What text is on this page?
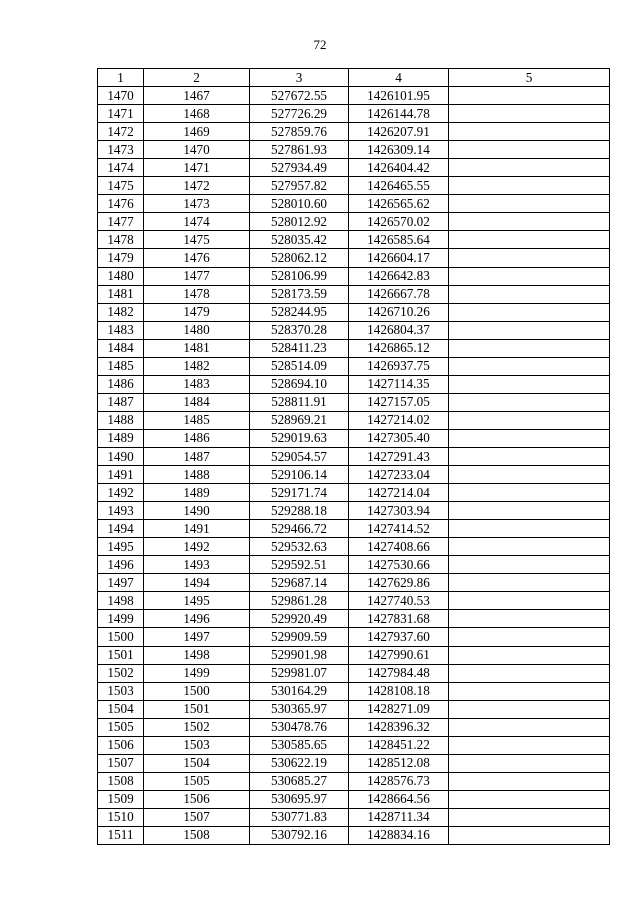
72
1	2	3	4	5
1470	1467	527672.55	1426101.95	
1471	1468	527726.29	1426144.78	
1472	1469	527859.76	1426207.91	
1473	1470	527861.93	1426309.14	
1474	1471	527934.49	1426404.42	
1475	1472	527957.82	1426465.55	
1476	1473	528010.60	1426565.62	
1477	1474	528012.92	1426570.02	
1478	1475	528035.42	1426585.64	
1479	1476	528062.12	1426604.17	
1480	1477	528106.99	1426642.83	
1481	1478	528173.59	1426667.78	
1482	1479	528244.95	1426710.26	
1483	1480	528370.28	1426804.37	
1484	1481	528411.23	1426865.12	
1485	1482	528514.09	1426937.75	
1486	1483	528694.10	1427114.35	
1487	1484	528811.91	1427157.05	
1488	1485	528969.21	1427214.02	
1489	1486	529019.63	1427305.40	
1490	1487	529054.57	1427291.43	
1491	1488	529106.14	1427233.04	
1492	1489	529171.74	1427214.04	
1493	1490	529288.18	1427303.94	
1494	1491	529466.72	1427414.52	
1495	1492	529532.63	1427408.66	
1496	1493	529592.51	1427530.66	
1497	1494	529687.14	1427629.86	
1498	1495	529861.28	1427740.53	
1499	1496	529920.49	1427831.68	
1500	1497	529909.59	1427937.60	
1501	1498	529901.98	1427990.61	
1502	1499	529981.07	1427984.48	
1503	1500	530164.29	1428108.18	
1504	1501	530365.97	1428271.09	
1505	1502	530478.76	1428396.32	
1506	1503	530585.65	1428451.22	
1507	1504	530622.19	1428512.08	
1508	1505	530685.27	1428576.73	
1509	1506	530695.97	1428664.56	
1510	1507	530771.83	1428711.34	
1511	1508	530792.16	1428834.16	
